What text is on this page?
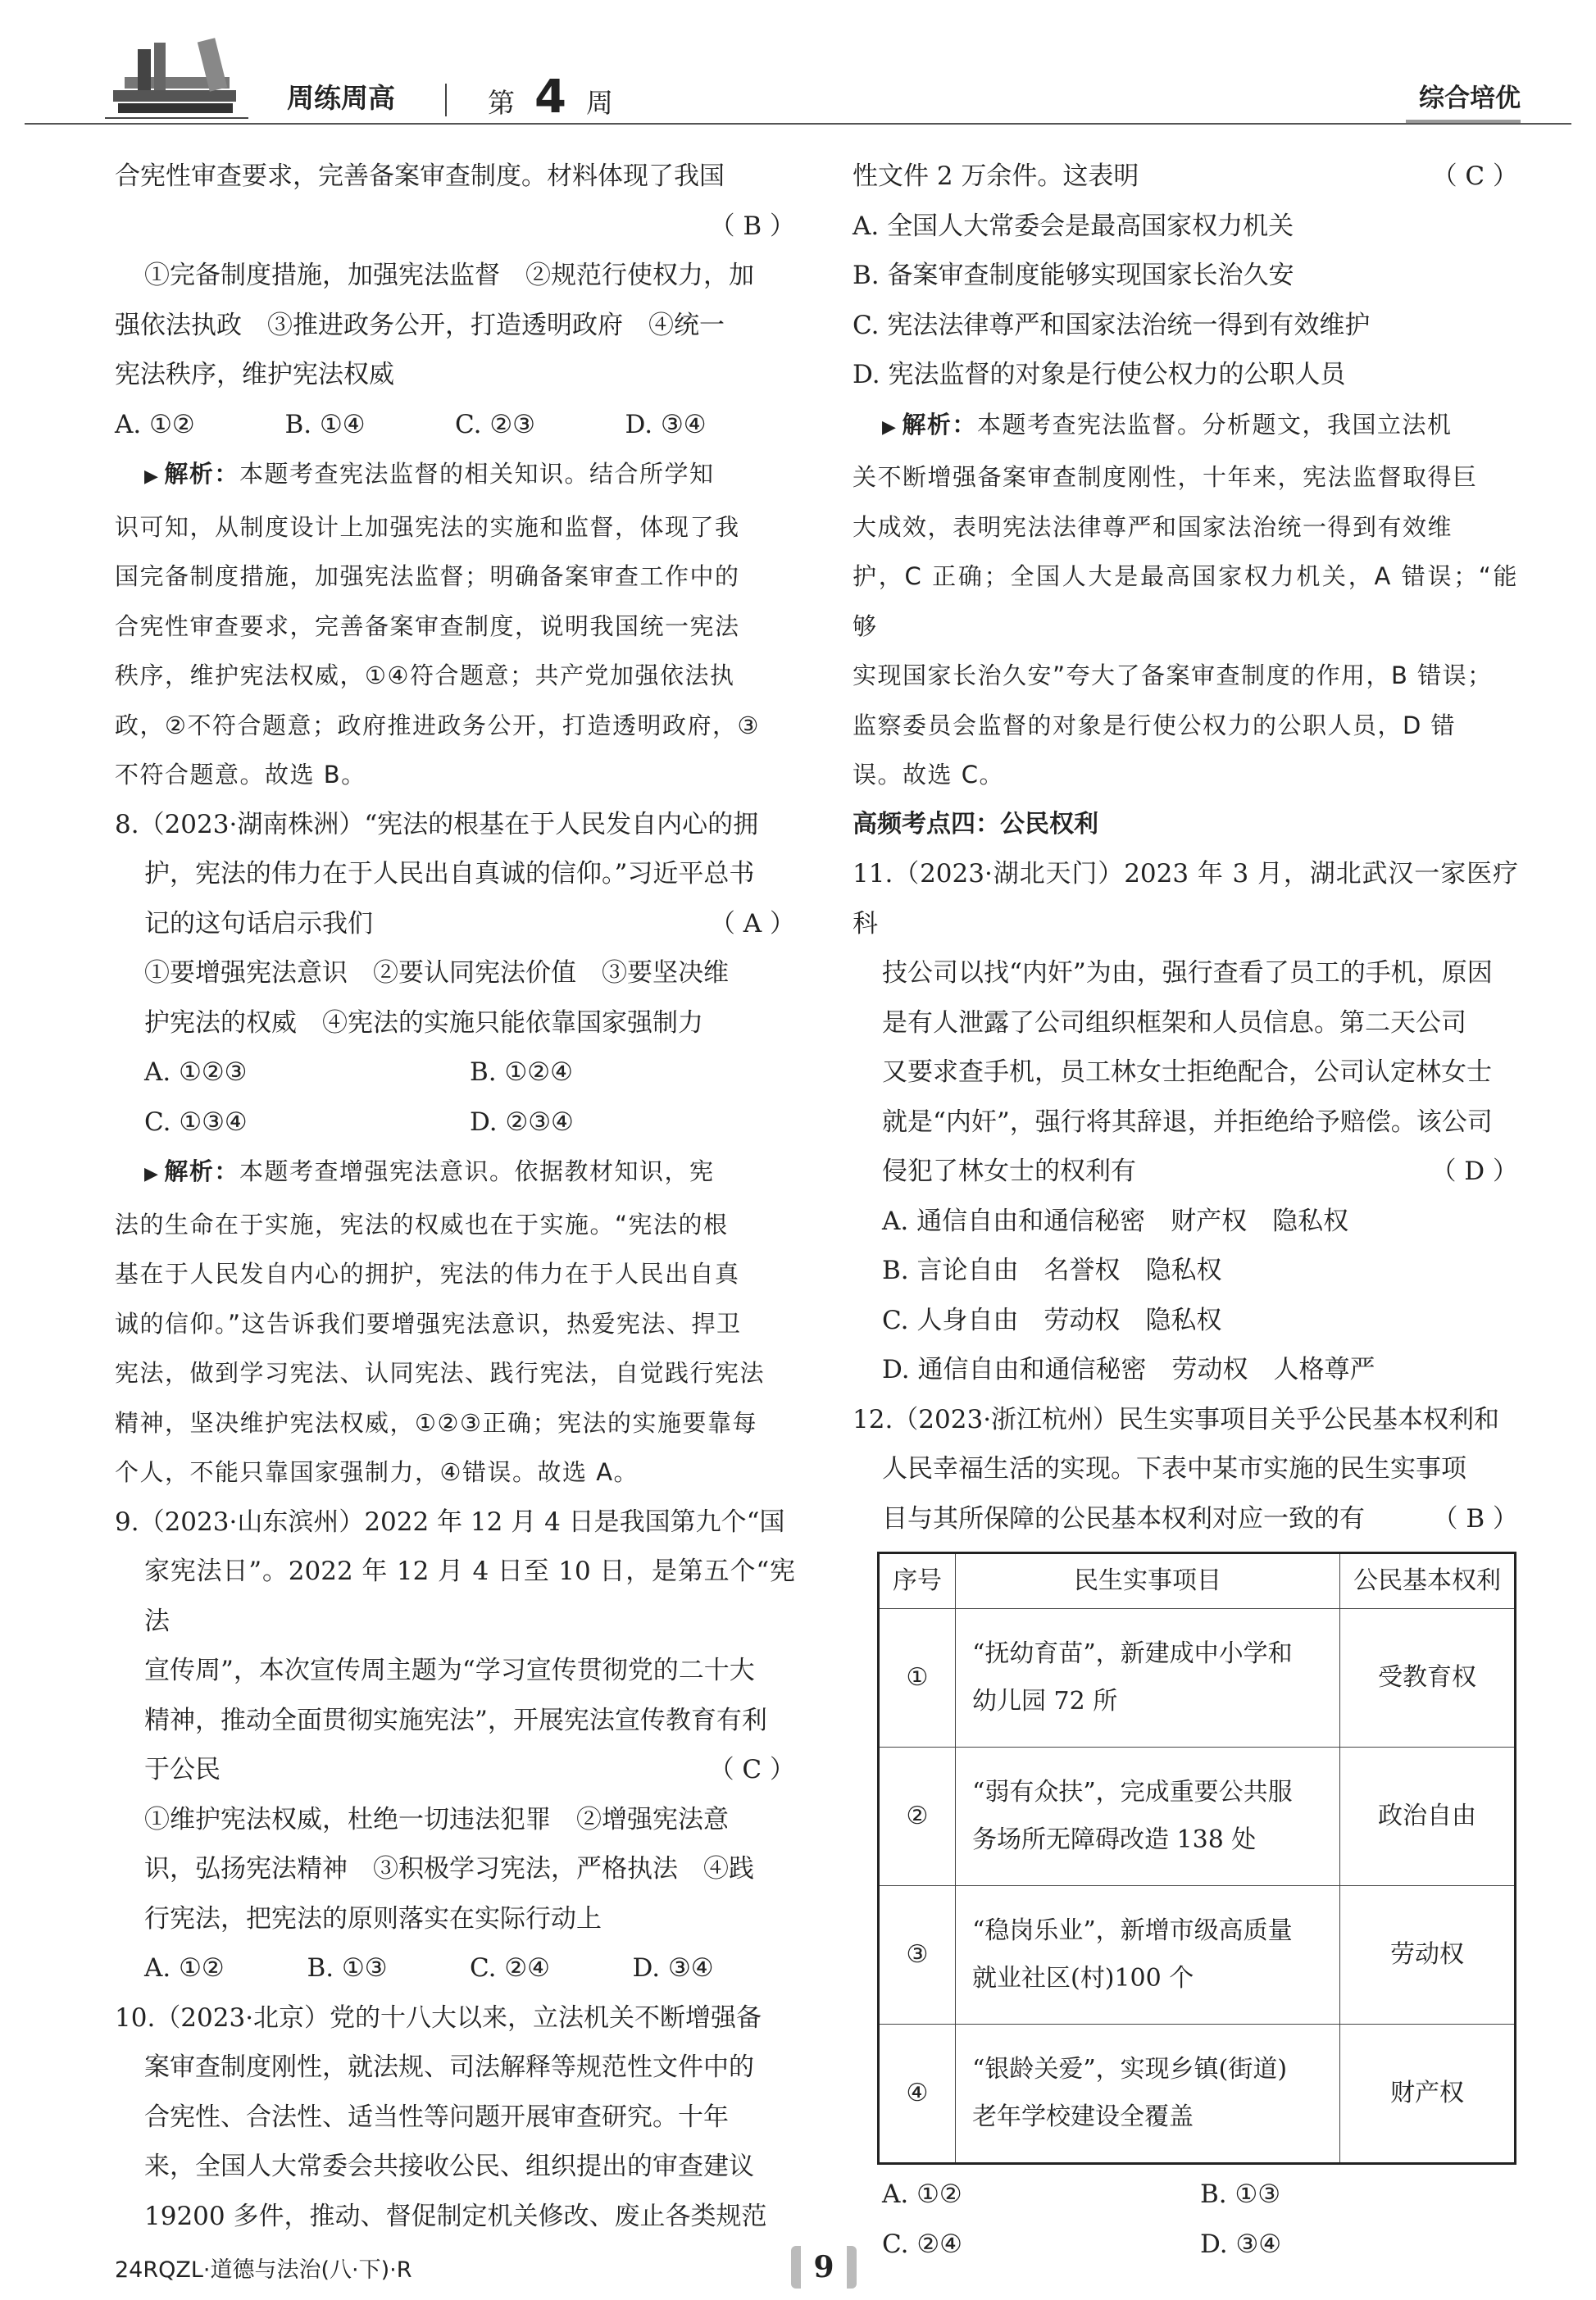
周练周高	第 4 周	综合培优

合宪性审查要求，完善备案审查制度。材料体现了我国

（ B ）

①完备制度措施，加强宪法监督　②规范行使权力，加

强依法执政　③推进政务公开，打造透明政府　④统一

宪法秩序，维护宪法权威

A. ①②	B. ①④	C. ②③	D. ③④

▶ 解析：本题考查宪法监督的相关知识。结合所学知

识可知，从制度设计上加强宪法的实施和监督，体现了我

国完备制度措施，加强宪法监督；明确备案审查工作中的

合宪性审查要求，完善备案审查制度，说明我国统一宪法

秩序，维护宪法权威，①④符合题意；共产党加强依法执

政，②不符合题意；政府推进政务公开，打造透明政府，③

不符合题意。故选 B。

8.（2023·湖南株洲）“宪法的根基在于人民发自内心的拥

护，宪法的伟力在于人民出自真诚的信仰。”习近平总书

记的这句话启示我们	（ A ）

①要增强宪法意识　②要认同宪法价值　③要坚决维

护宪法的权威　④宪法的实施只能依靠国家强制力

A. ①②③	B. ①②④
C. ①③④	D. ②③④

▶ 解析：本题考查增强宪法意识。依据教材知识，宪

法的生命在于实施，宪法的权威也在于实施。“宪法的根

基在于人民发自内心的拥护，宪法的伟力在于人民出自真

诚的信仰。”这告诉我们要增强宪法意识，热爱宪法、捍卫

宪法，做到学习宪法、认同宪法、践行宪法，自觉践行宪法

精神，坚决维护宪法权威，①②③正确；宪法的实施要靠每

个人，不能只靠国家强制力，④错误。故选 A。

9.（2023·山东滨州）2022 年 12 月 4 日是我国第九个“国

家宪法日”。2022 年 12 月 4 日至 10 日，是第五个“宪法

宣传周”，本次宣传周主题为“学习宣传贯彻党的二十大

精神，推动全面贯彻实施宪法”，开展宪法宣传教育有利

于公民	（ C ）

①维护宪法权威，杜绝一切违法犯罪　②增强宪法意

识，弘扬宪法精神　③积极学习宪法，严格执法　④践

行宪法，把宪法的原则落实在实际行动上

A. ①②	B. ①③	C. ②④	D. ③④

10.（2023·北京）党的十八大以来，立法机关不断增强备

案审查制度刚性，就法规、司法解释等规范性文件中的

合宪性、合法性、适当性等问题开展审查研究。十年

来，全国人大常委会共接收公民、组织提出的审查建议

19200 多件，推动、督促制定机关修改、废止各类规范

性文件 2 万余件。这表明	（ C ）

A. 全国人大常委会是最高国家权力机关

B. 备案审查制度能够实现国家长治久安

C. 宪法法律尊严和国家法治统一得到有效维护

D. 宪法监督的对象是行使公权力的公职人员

▶ 解析：本题考查宪法监督。分析题文，我国立法机

关不断增强备案审查制度刚性，十年来，宪法监督取得巨

大成效，表明宪法法律尊严和国家法治统一得到有效维

护，C 正确；全国人大是最高国家权力机关，A 错误；“能够

实现国家长治久安”夸大了备案审查制度的作用，B 错误；

监察委员会监督的对象是行使公权力的公职人员，D 错

误。故选 C。

高频考点四：公民权利

11.（2023·湖北天门）2023 年 3 月，湖北武汉一家医疗科

技公司以找“内奸”为由，强行查看了员工的手机，原因

是有人泄露了公司组织框架和人员信息。第二天公司

又要求查手机，员工林女士拒绝配合，公司认定林女士

就是“内奸”，强行将其辞退，并拒绝给予赔偿。该公司

侵犯了林女士的权利有	（ D ）

A. 通信自由和通信秘密　财产权　隐私权

B. 言论自由　名誉权　隐私权

C. 人身自由　劳动权　隐私权

D. 通信自由和通信秘密　劳动权　人格尊严

12.（2023·浙江杭州）民生实事项目关乎公民基本权利和

人民幸福生活的实现。下表中某市实施的民生实事项

目与其所保障的公民基本权利对应一致的有	（ B ）
序号	民生实事项目	公民基本权利
①	“抚幼育苗”，新建成中小学和
幼儿园 72 所	受教育权
②	“弱有众扶”，完成重要公共服
务场所无障碍改造 138 处	政治自由
③	“稳岗乐业”，新增市级高质量
就业社区(村)100 个	劳动权
④	“银龄关爱”，实现乡镇(街道)
老年学校建设全覆盖	财产权
A. ①②	B. ①③
C. ②④	D. ③④
24RQZL·道德与法治(八·下)·R	9
